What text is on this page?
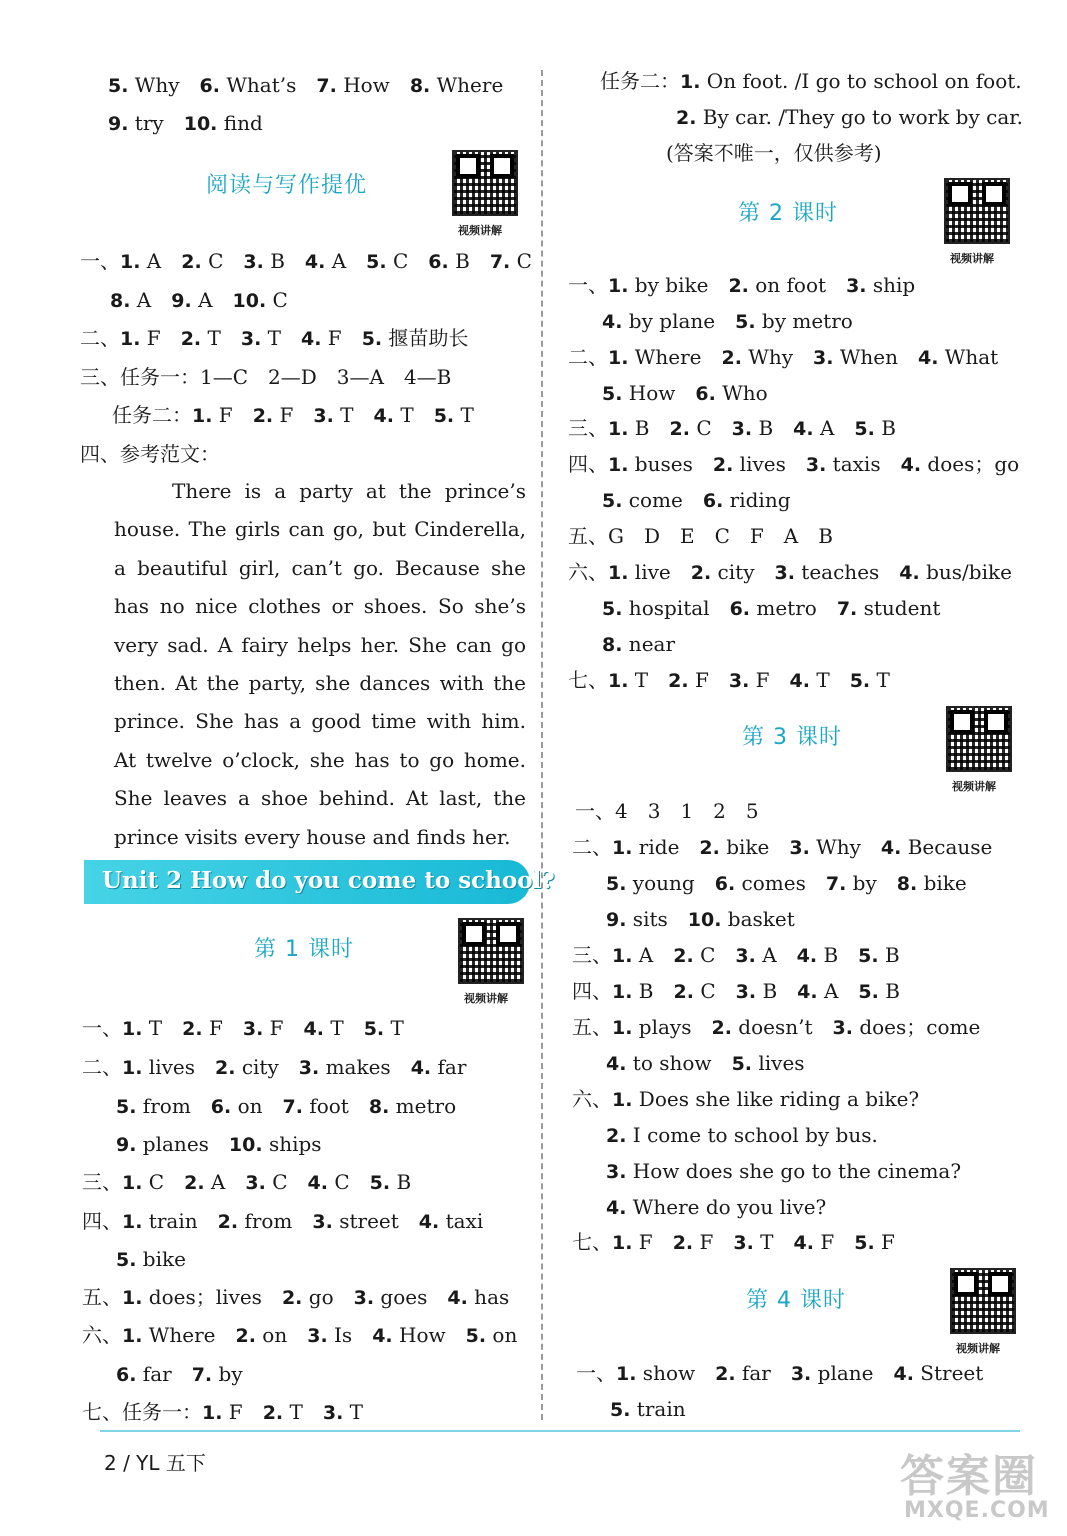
5. Why 6. What’s 7. How 8. Where
9. try 10. find
一、1. A 2. C 3. B 4. A 5. C 6. B 7. C
8. A 9. A 10. C
二、1. F 2. T 3. T 4. F 5. 揠苗助长
三、任务一：1—C 2—D 3—A 4—B
任务二：1. F 2. F 3. T 4. T 5. T
四、参考范文：
一、1. T 2. F 3. F 4. T 5. T
二、1. lives 2. city 3. makes 4. far
5. from 6. on 7. foot 8. metro
9. planes 10. ships
三、1. C 2. A 3. C 4. C 5. B
四、1. train 2. from 3. street 4. taxi
5. bike
五、1. does；lives 2. go 3. goes 4. has
六、1. Where 2. on 3. Is 4. How 5. on
6. far 7. by
七、任务一：1. F 2. T 3. T
任务二：1. On foot. /I go to school on foot.
2. By car. /They go to work by car.
(答案不唯一，仅供参考)
一、1. by bike 2. on foot 3. ship
4. by plane 5. by metro
二、1. Where 2. Why 3. When 4. What
5. How 6. Who
三、1. B 2. C 3. B 4. A 5. B
四、1. buses 2. lives 3. taxis 4. does；go
5. come 6. riding
五、G D E C F A B
六、1. live 2. city 3. teaches 4. bus/bike
5. hospital 6. metro 7. student
8. near
七、1. T 2. F 3. F 4. T 5. T
一、4 3 1 2 5
二、1. ride 2. bike 3. Why 4. Because
5. young 6. comes 7. by 8. bike
9. sits 10. basket
三、1. A 2. C 3. A 4. B 5. B
四、1. B 2. C 3. B 4. A 5. B
五、1. plays 2. doesn’t 3. does；come
4. to show 5. lives
六、1. Does she like riding a bike?
2. I come to school by bus.
3. How does she go to the cinema?
4. Where do you live?
七、1. F 2. F 3. T 4. F 5. F
一、1. show 2. far 3. plane 4. Street
5. train
阅读与写作提优
第 1 课时
第 2 课时
第 3 课时
第 4 课时
视频讲解
视频讲解
视频讲解
视频讲解
视频讲解
There is a party at the prince’s house. The girls can go, but Cinderella, a beautiful girl, can’t go. Because she has no nice clothes or shoes. So she’s very sad. A fairy helps her. She can go then. At the party, she dances with the prince. She has a good time with him. At twelve o’clock, she has to go home. She leaves a shoe behind. At last, the prince visits every house and finds her.
Unit 2 How do you come to school?
2 / YL 五下	答案圈
MXQE.COM
